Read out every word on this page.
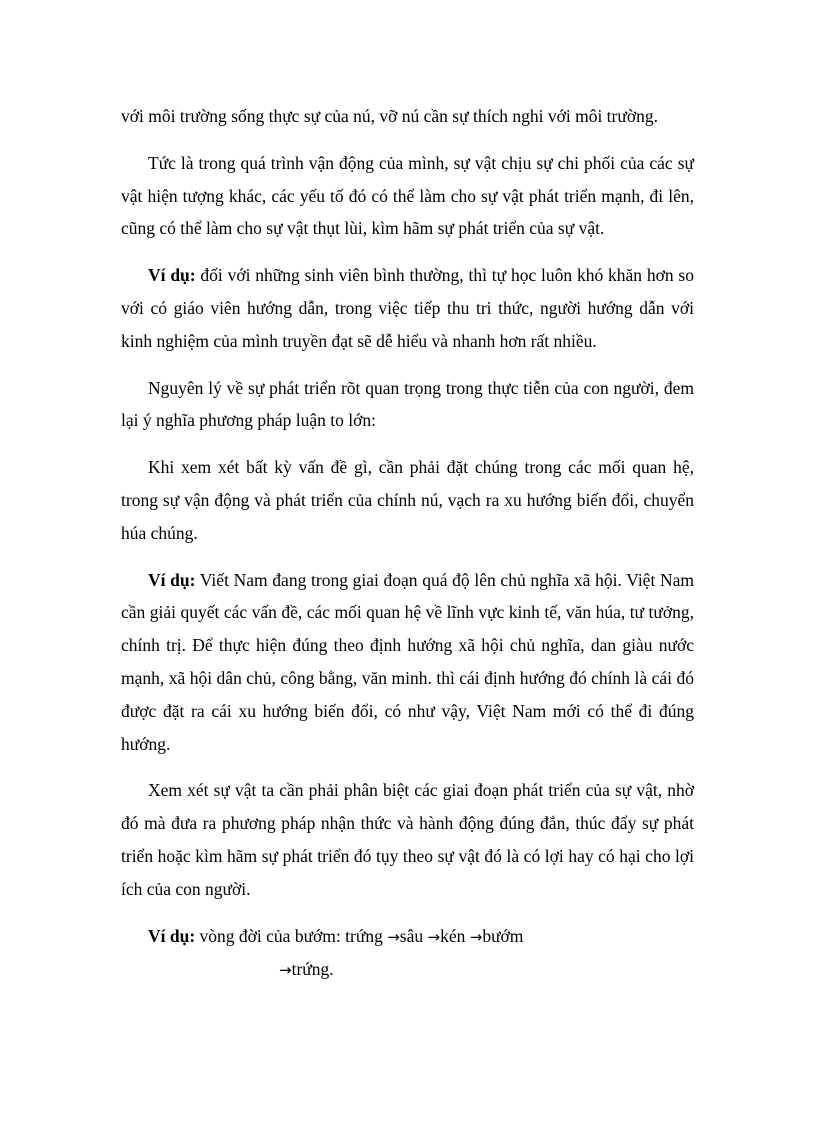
với môi trường sống thực sự của nú, vỡ nú cần sự thích nghi với môi trường.

Tức là trong quá trình vận động của mình, sự vật chịu sự chi phối của các sự vật hiện tượng khác, các yếu tố đó có thể làm cho sự vật phát triển mạnh, đi lên, cũng có thể làm cho sự vật thụt lùi, kìm hãm sự phát triển của sự vật.

Ví dụ: đối với những sinh viên bình thường, thì tự học luôn khó khăn hơn so với có giáo viên hướng dẫn, trong việc tiếp thu tri thức, người hướng dẫn với kinh nghiệm của mình truyền đạt sẽ dễ hiểu và nhanh hơn rất nhiều.

Nguyên lý về sự phát triển rõt quan trọng trong thực tiễn của con người, đem lại ý nghĩa phương pháp luận to lớn:

Khi xem xét bất kỳ vấn đề gì, cần phải đặt chúng trong các mối quan hệ, trong sự vận động và phát triển của chính nú, vạch ra xu hướng biến đổi, chuyển húa chúng.

Ví dụ: Viết Nam đang trong giai đoạn quá độ lên chủ nghĩa xã hội. Việt Nam cần giải quyết các vấn đề, các mối quan hệ về lĩnh vực kinh tế, văn húa, tư tưởng, chính trị. Để thực hiện đúng theo định hướng xã hội chủ nghĩa, dan giàu nước mạnh, xã hội dân chủ, công bằng, văn minh. thì cái định hướng đó chính là cái đó được đặt ra cái xu hướng biến đổi, có như vậy, Việt Nam mới có thể đi đúng hướng.

Xem xét sự vật ta cần phải phân biệt các giai đoạn phát triển của sự vật, nhờ đó mà đưa ra phương pháp nhận thức và hành động đúng đắn, thúc đẩy sự phát triển hoặc kìm hãm sự phát triển đó tụy theo sự vật đó là có lợi hay có hại cho lợi ích của con người.

Ví dụ: vòng đời của bướm: trứng →sâu →kén →bướm

→trứng.
